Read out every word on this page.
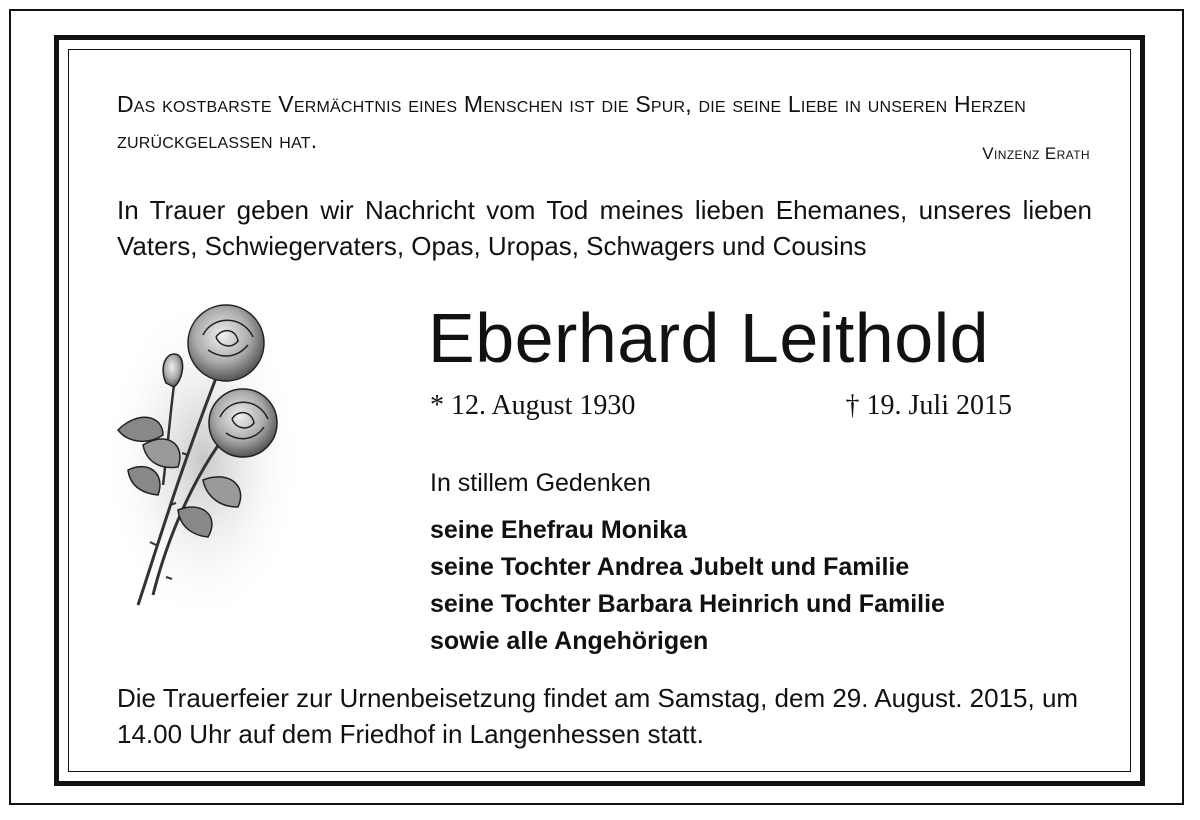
Das kostbarste Vermächtnis eines Menschen ist die Spur, die seine Liebe in unseren Herzen zurückgelassen hat.
Vinzenz Erath
In Trauer geben wir Nachricht vom Tod meines lieben Ehemanes, unseres lieben Vaters, Schwiegervaters, Opas, Uropas, Schwagers und Cousins
Eberhard Leithold
* 12. August 1930	† 19. Juli 2015
In stillem Gedenken
seine Ehefrau Monika
seine Tochter Andrea Jubelt und Familie
seine Tochter Barbara Heinrich und Familie
sowie alle Angehörigen
Die Trauerfeier zur Urnenbeisetzung findet am Samstag, dem 29. August. 2015, um 14.00 Uhr auf dem Friedhof in Langenhessen statt.
